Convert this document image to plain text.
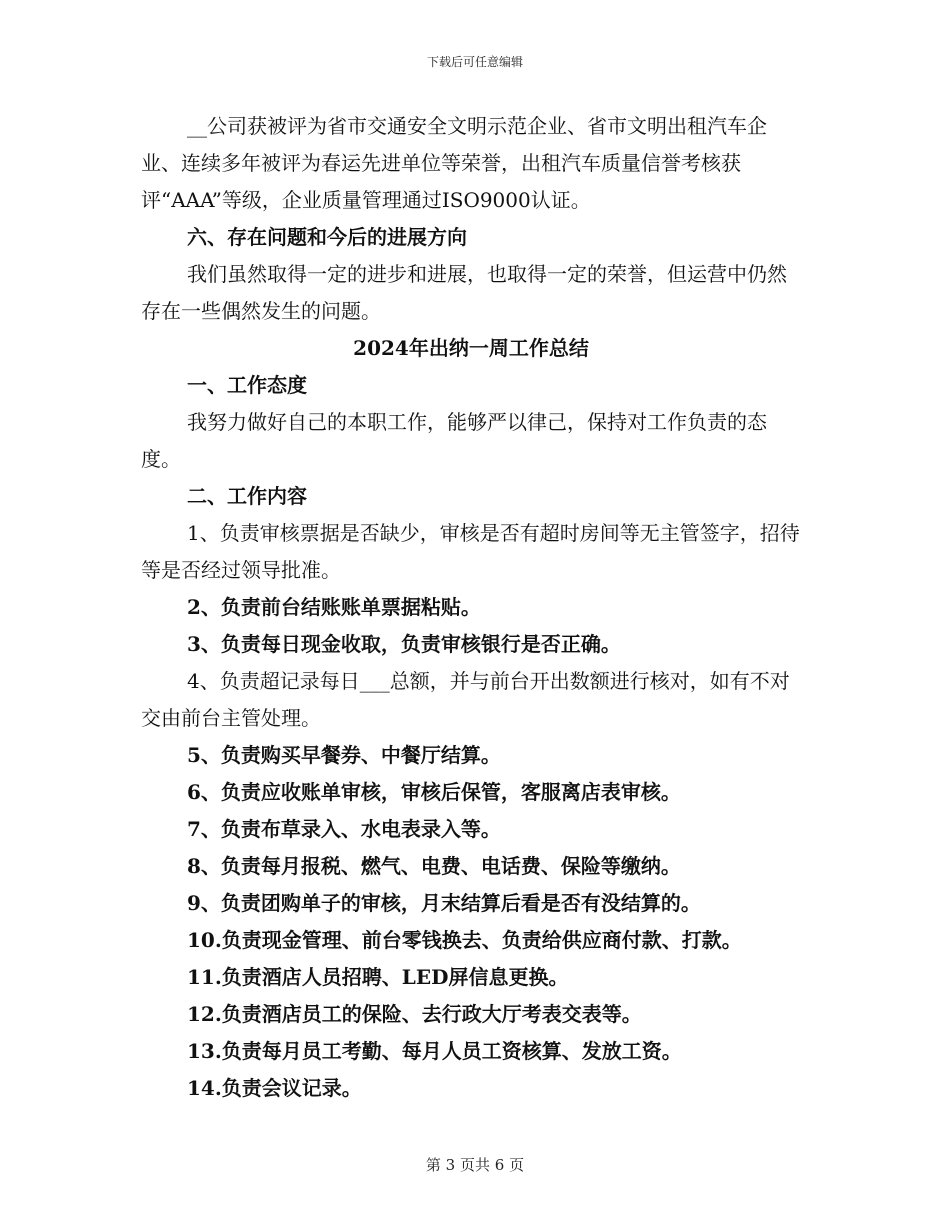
下载后可任意编辑

__公司获被评为省市交通安全文明示范企业、省市文明出租汽车企业、连续多年被评为春运先进单位等荣誉，出租汽车质量信誉考核获评“AAA”等级，企业质量管理通过ISO9000认证。

六、存在问题和今后的进展方向

我们虽然取得一定的进步和进展，也取得一定的荣誉，但运营中仍然存在一些偶然发生的问题。

2024年出纳一周工作总结

一、工作态度

我努力做好自己的本职工作，能够严以律己，保持对工作负责的态度。

二、工作内容

1、负责审核票据是否缺少，审核是否有超时房间等无主管签字，招待等是否经过领导批准。

2、负责前台结账账单票据粘贴。

3、负责每日现金收取，负责审核银行是否正确。

4、负责超记录每日___总额，并与前台开出数额进行核对，如有不对交由前台主管处理。

5、负责购买早餐券、中餐厅结算。

6、负责应收账单审核，审核后保管，客服离店表审核。

7、负责布草录入、水电表录入等。

8、负责每月报税、燃气、电费、电话费、保险等缴纳。

9、负责团购单子的审核，月末结算后看是否有没结算的。

10.负责现金管理、前台零钱换去、负责给供应商付款、打款。

11.负责酒店人员招聘、LED屏信息更换。

12.负责酒店员工的保险、去行政大厅考表交表等。

13.负责每月员工考勤、每月人员工资核算、发放工资。

14.负责会议记录。

第 3 页共 6 页
